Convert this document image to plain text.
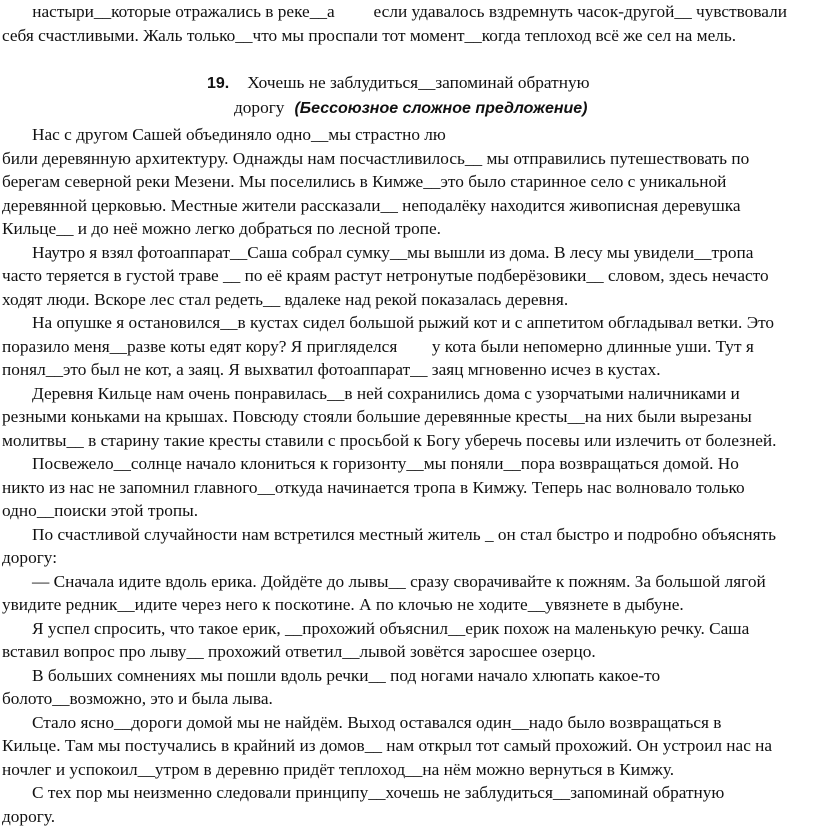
настыри__которые отражались в реке__а         если удавалось вздремнуть часок-другой__ чувствовали
себя счастливыми. Жаль только__что мы проспали тот момент__когда теплоход всё же сел на мель.
19. Хочешь не заблудиться__запоминай обратную
дорогу (Бессоюзное сложное предложение)
Нас с другом Сашей объединяло одно__мы страстно лю
били деревянную архитектуру. Однажды нам посчастливилось__ мы отправились путешествовать по
берегам северной реки Мезени. Мы поселились в Кимже__это было старинное село с уникальной
деревянной церковью. Местные жители рассказали__ неподалёку находится живописная деревушка
Кильце__ и до неё можно легко добраться по лесной тропе.
Наутро я взял фотоаппарат__Саша собрал сумку__мы вышли из дома. В лесу мы увидели__тропа
часто теряется в густой траве __ по её краям растут нетронутые подберёзовики__ словом, здесь нечасто
ходят люди. Вскоре лес стал редеть__ вдалеке над рекой показалась деревня.
На опушке я остановился__в кустах сидел большой рыжий кот и с аппетитом обгладывал ветки. Это
поразило меня__разве коты едят кору? Я пригляделся        у кота были непомерно длинные уши. Тут я
понял__это был не кот, а заяц. Я выхватил фотоаппарат__ заяц мгновенно исчез в кустах.
Деревня Кильце нам очень понравилась__в ней сохранились дома с узорчатыми наличниками и
резными коньками на крышах. Повсюду стояли большие деревянные кресты__на них были вырезаны
молитвы__ в старину такие кресты ставили с просьбой к Богу уберечь посевы или излечить от болезней.
Посвежело__солнце начало клониться к горизонту__мы поняли__пора возвращаться домой. Но
никто из нас не запомнил главного__откуда начинается тропа в Кимжу. Теперь нас волновало только
одно__поиски этой тропы.
По счастливой случайности нам встретился местный житель _ он стал быстро и подробно объяснять
дорогу:
— Сначала идите вдоль ерика. Дойдёте до лывы__ сразу сворачивайте к пожням. За большой лягой
увидите редник__идите через него к поскотине. А по клочью не ходите__увязнете в дыбуне.
Я успел спросить, что такое ерик, __прохожий объяснил__ерик похож на маленькую речку. Саша
вставил вопрос про лыву__ прохожий ответил__лывой зовётся заросшее озерцо.
В больших сомнениях мы пошли вдоль речки__ под ногами начало хлюпать какое-то
болото__возможно, это и была лыва.
Стало ясно__дороги домой мы не найдём. Выход оставался один__надо было возвращаться в
Кильце. Там мы постучались в крайний из домов__ нам открыл тот самый прохожий. Он устроил нас на
ночлег и успокоил__утром в деревню придёт теплоход__на нём можно вернуться в Кимжу.
С тех пор мы неизменно следовали принципу__хочешь не заблудиться__запоминай обратную
дорогу.
